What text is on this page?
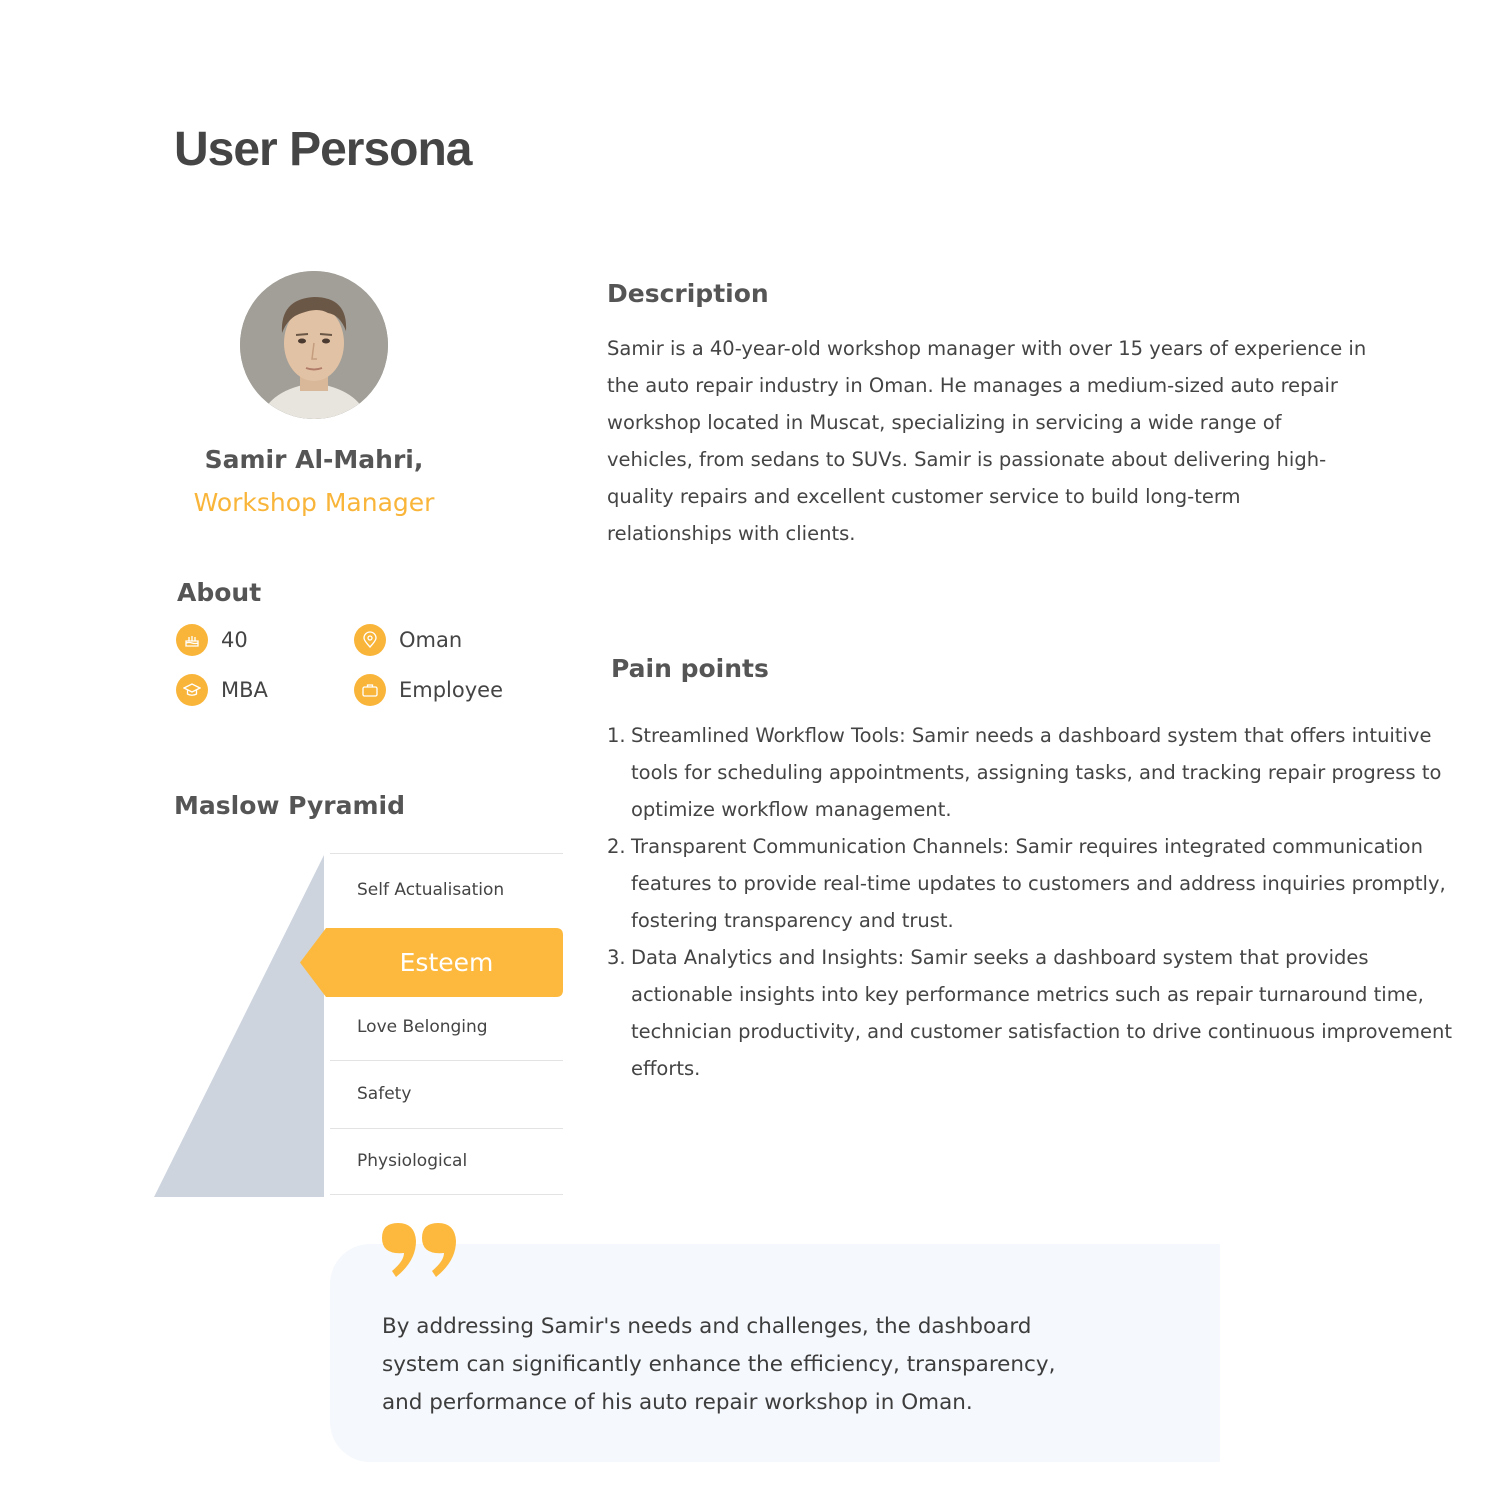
User Persona
Samir Al-Mahri,
Workshop Manager
About
40	Oman
MBA	Employee
Maslow Pyramid
Self Actualisation
Esteem
Love Belonging
Safety
Physiological
Description

Samir is a 40-year-old workshop manager with over 15 years of experience in the auto repair industry in Oman. He manages a medium-sized auto repair workshop located in Muscat, specializing in servicing a wide range of vehicles, from sedans to SUVs. Samir is passionate about delivering high-quality repairs and excellent customer service to build long-term relationships with clients.

Pain points
1. Streamlined Workflow Tools: Samir needs a dashboard system that offers intuitive tools for scheduling appointments, assigning tasks, and tracking repair progress to optimize workflow management.
2. Transparent Communication Channels: Samir requires integrated communication features to provide real-time updates to customers and address inquiries promptly, fostering transparency and trust.
3. Data Analytics and Insights: Samir seeks a dashboard system that provides actionable insights into key performance metrics such as repair turnaround time, technician productivity, and customer satisfaction to drive continuous improvement efforts.

By addressing Samir's needs and challenges, the dashboard system can significantly enhance the efficiency, transparency, and performance of his auto repair workshop in Oman.
